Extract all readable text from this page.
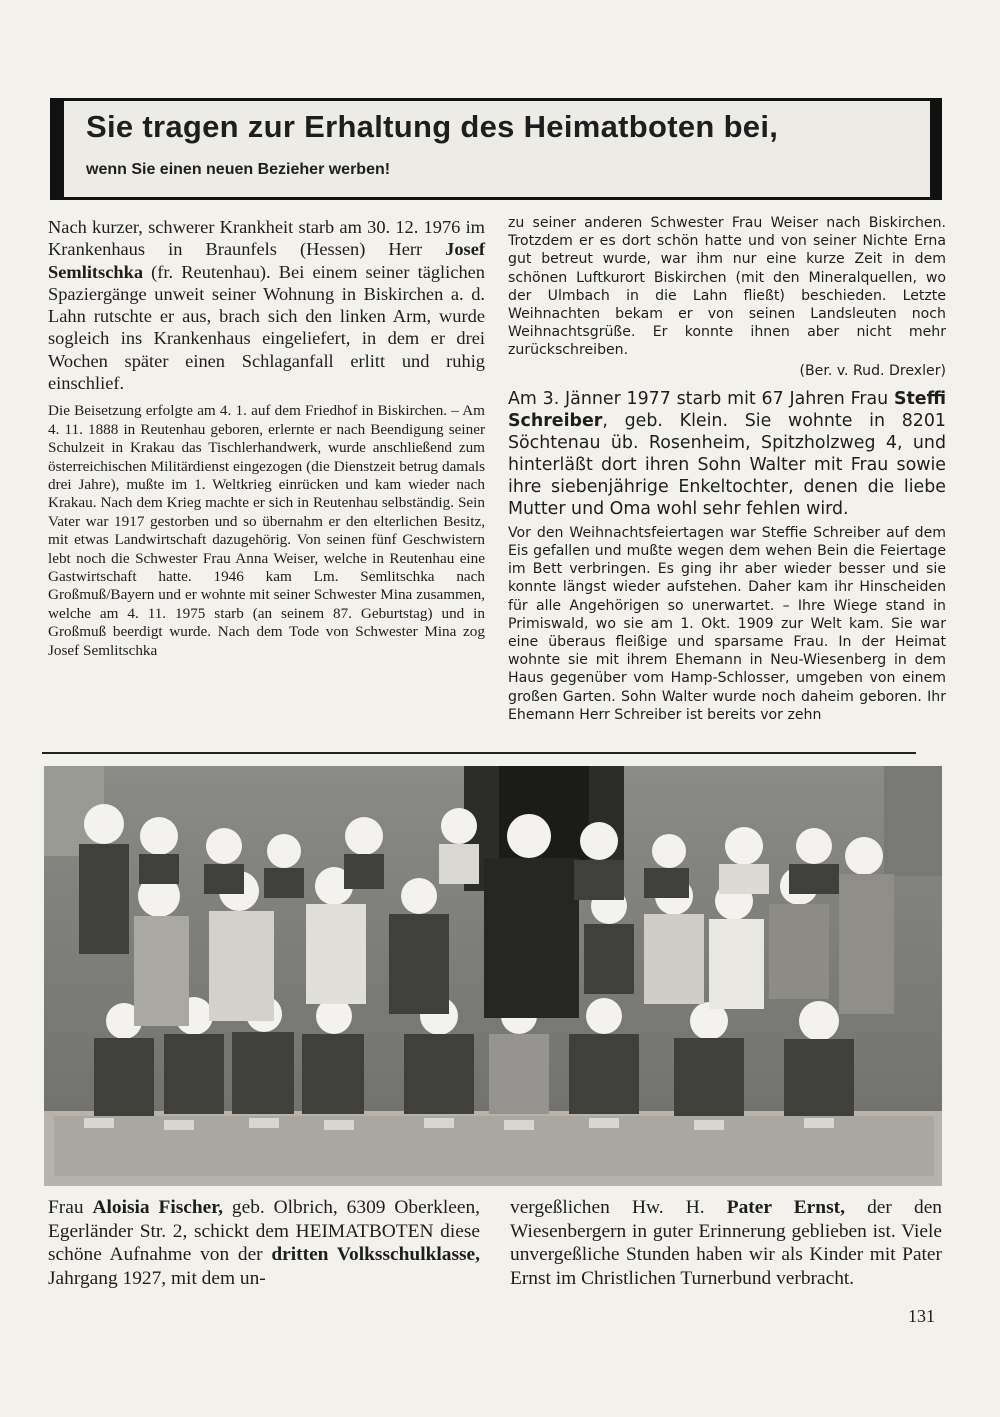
Sie tragen zur Erhaltung des Heimatboten bei,
wenn Sie einen neuen Bezieher werben!

Nach kurzer, schwerer Krankheit starb am 30. 12. 1976 im Krankenhaus in Braunfels (Hessen) Herr Josef Semlitschka (fr. Reutenhau). Bei einem seiner täglichen Spaziergänge unweit seiner Wohnung in Biskirchen a. d. Lahn rutschte er aus, brach sich den linken Arm, wurde sogleich ins Krankenhaus eingeliefert, in dem er drei Wochen später einen Schlaganfall erlitt und ruhig einschlief.

Die Beisetzung erfolgte am 4. 1. auf dem Friedhof in Biskirchen. – Am 4. 11. 1888 in Reutenhau geboren, erlernte er nach Beendigung seiner Schulzeit in Krakau das Tischlerhandwerk, wurde anschließend zum österreichischen Militärdienst eingezogen (die Dienstzeit betrug damals drei Jahre), mußte im 1. Weltkrieg einrücken und kam wieder nach Krakau. Nach dem Krieg machte er sich in Reutenhau selbständig. Sein Vater war 1917 gestorben und so übernahm er den elterlichen Besitz, mit etwas Landwirtschaft dazugehörig. Von seinen fünf Geschwistern lebt noch die Schwester Frau Anna Weiser, welche in Reutenhau eine Gastwirtschaft hatte. 1946 kam Lm. Semlitschka nach Großmuß/Bayern und er wohnte mit seiner Schwester Mina zusammen, welche am 4. 11. 1975 starb (an seinem 87. Geburtstag) und in Großmuß beerdigt wurde. Nach dem Tode von Schwester Mina zog Josef Semlitschka

zu seiner anderen Schwester Frau Weiser nach Biskirchen. Trotzdem er es dort schön hatte und von seiner Nichte Erna gut betreut wurde, war ihm nur eine kurze Zeit in dem schönen Luftkurort Biskirchen (mit den Mineralquellen, wo der Ulmbach in die Lahn fließt) beschieden. Letzte Weihnachten bekam er von seinen Landsleuten noch Weihnachtsgrüße. Er konnte ihnen aber nicht mehr zurückschreiben.

(Ber. v. Rud. Drexler)

Am 3. Jänner 1977 starb mit 67 Jahren Frau Steffi Schreiber, geb. Klein. Sie wohnte in 8201 Söchtenau üb. Rosenheim, Spitzholzweg 4, und hinterläßt dort ihren Sohn Walter mit Frau sowie ihre siebenjährige Enkeltochter, denen die liebe Mutter und Oma wohl sehr fehlen wird.

Vor den Weihnachtsfeiertagen war Steffie Schreiber auf dem Eis gefallen und mußte wegen dem wehen Bein die Feiertage im Bett verbringen. Es ging ihr aber wieder besser und sie konnte längst wieder aufstehen. Daher kam ihr Hinscheiden für alle Angehörigen so unerwartet. – Ihre Wiege stand in Primiswald, wo sie am 1. Okt. 1909 zur Welt kam. Sie war eine überaus fleißige und sparsame Frau. In der Heimat wohnte sie mit ihrem Ehemann in Neu-Wiesenberg in dem Haus gegenüber vom Hamp-Schlosser, umgeben von einem großen Garten. Sohn Walter wurde noch daheim geboren. Ihr Ehemann Herr Schreiber ist bereits vor zehn

Frau Aloisia Fischer, geb. Olbrich, 6309 Oberkleen, Egerländer Str. 2, schickt dem HEIMATBOTEN diese schöne Aufnahme von der dritten Volksschulklasse, Jahrgang 1927, mit dem un-

vergeßlichen Hw. H. Pater Ernst, der den Wiesenbergern in guter Erinnerung geblieben ist. Viele unvergeßliche Stunden haben wir als Kinder mit Pater Ernst im Christlichen Turnerbund verbracht.

131
